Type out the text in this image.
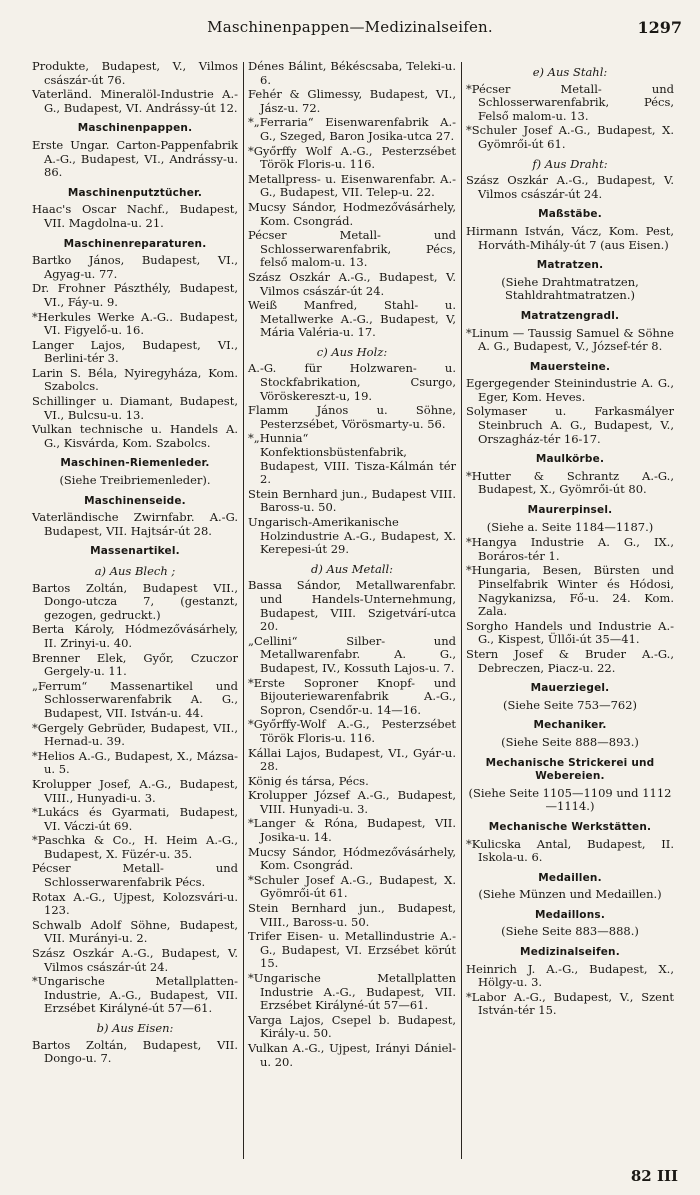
Maschinenpappen—Medizinalseifen.	1297
Produkte, Budapest, V., Vilmos császár-út 76.
Vaterländ. Mineralöl-Industrie A.-G., Budapest, VI. Andrássy-út 12.
Maschinenpappen.
Erste Ungar. Carton-Pappenfabrik A.-G., Budapest, VI., Andrássy-u. 86.
Maschinenputztücher.
Haac's Oscar Nachf., Budapest, VII. Magdolna-u. 21.
Maschinenreparaturen.
Bartko János, Budapest, VI., Agyag-u. 77.
Dr. Frohner Pászthély, Budapest, VI., Fáy-u. 9.
*Herkules Werke A.-G.. Budapest, VI. Figyelő-u. 16.
Langer Lajos, Budapest, VI., Berlini-tér 3.
Larin S. Béla, Nyiregyháza, Kom. Szabolcs.
Schillinger u. Diamant, Budapest, VI., Bulcsu-u. 13.
Vulkan technische u. Handels A. G., Kisvárda, Kom. Szabolcs.
Maschinen-Riemenleder.
(Siehe Treibriemenleder).
Maschinenseide.
Vaterländische Zwirnfabr. A.-G. Budapest, VII. Hajtsár-út 28.
Massenartikel.
a) Aus Blech ;
Bartos Zoltán, Budapest VII., Dongo-utcza 7, (gestanzt, gezogen, gedruckt.)
Berta Károly, Hódmezővásárhely, II. Zrinyi-u. 40.
Brenner Elek, Győr, Czuczor Gergely-u. 11.
„Ferrum“ Massenartikel und Schlosserwarenfabrik A. G., Budapest, VII. István-u. 44.
*Gergely Gebrüder, Budapest, VII., Hernad-u. 39.
*Helios A.-G., Budapest, X., Mázsa-u. 5.
Krolupper Josef, A.-G., Budapest, VIII., Hunyadi-u. 3.
*Lukács és Gyarmati, Budapest, VI. Váczi-út 69.
*Paschka & Co., H. Heim A.-G., Budapest, X. Füzér-u. 35.
Pécser Metall- und Schlosserwarenfabrik Pécs.
Rotax A.-G., Ujpest, Kolozsvári-u. 123.
Schwalb Adolf Söhne, Budapest, VII. Murányi-u. 2.
Szász Oszkár A.-G., Budapest, V. Vilmos császár-út 24.
*Ungarische Metallplatten-Industrie, A.-G., Budapest, VII. Erzsébet Királyné-út 57—61.
b) Aus Eisen:
Bartos Zoltán, Budapest, VII. Dongo-u. 7.
Dénes Bálint, Békéscsaba, Teleki-u. 6.
Fehér & Glimessy, Budapest, VI., Jász-u. 72.
*„Ferraria“ Eisenwarenfabrik A.-G., Szeged, Baron Josika-utca 27.
*Győrffy Wolf A.-G., Pesterzsébet Török Floris-u. 116.
Metallpress- u. Eisenwarenfabr. A.-G., Budapest, VII. Telep-u. 22.
Mucsy Sándor, Hodmezővásárhely, Kom. Csongrád.
Pécser Metall- und Schlosserwarenfabrik, Pécs, felső malom-u. 13.
Szász Oszkár A.-G., Budapest, V. Vilmos császár-út 24.
Weiß Manfred, Stahl- u. Metallwerke A.-G., Budapest, V, Mária Valéria-u. 17.
c) Aus Holz:
A.-G. für Holzwaren- u. Stockfabrikation, Csurgo, Vöröskereszt-u, 19.
Flamm János u. Söhne, Pesterzsébet, Vörösmarty-u. 56.
*„Hunnia“ Konfektionsbüstenfabrik, Budapest, VIII. Tisza-Kálmán tér 2.
Stein Bernhard jun., Budapest VIII. Baross-u. 50.
Ungarisch-Amerikanische Holzindustrie A.-G., Budapest, X. Kerepesi-út 29.
d) Aus Metall:
Bassa Sándor, Metallwarenfabr. und Handels-Unternehmung, Budapest, VIII. Szigetvárí-utca 20.
„Cellini“ Silber- und Metallwarenfabr. A. G., Budapest, IV., Kossuth Lajos-u. 7.
*Erste Soproner Knopf- und Bijouteriewarenfabrik A.-G., Sopron, Csendőr-u. 14—16.
*Győrffy-Wolf A.-G., Pesterzsébet Török Floris-u. 116.
Kállai Lajos, Budapest, VI., Gyár-u. 28.
König és társa, Pécs.
Krolupper József A.-G., Budapest, VIII. Hunyadi-u. 3.
*Langer & Róna, Budapest, VII. Josika-u. 14.
Mucsy Sándor, Hódmezővásárhely, Kom. Csongrád.
*Schuler Josef A.-G., Budapest, X. Gyömrői-út 61.
Stein Bernhard jun., Budapest, VIII., Baross-u. 50.
Trifer Eisen- u. Metallindustrie A.-G., Budapest, VI. Erzsébet körút 15.
*Ungarische Metallplatten Industrie A.-G., Budapest, VII. Erzsébet Királyné-út 57—61.
Varga Lajos, Csepel b. Budapest, Király-u. 50.
Vulkan A.-G., Ujpest, Irányi Dániel-u. 20.
e) Aus Stahl:
*Pécser Metall- und Schlosserwarenfabrik, Pécs, Felső malom-u. 13.
*Schuler Josef A.-G., Budapest, X. Gyömrői-út 61.
f) Aus Draht:
Szász Oszkár A.-G., Budapest, V. Vilmos császár-út 24.
Maßstäbe.
Hirmann István, Vácz, Kom. Pest, Horváth-Mihály-út 7 (aus Eisen.)
Matratzen.
(Siehe Drahtmatratzen, Stahldrahtmatratzen.)
Matratzengradl.
*Linum — Taussig Samuel & Söhne A. G., Budapest, V., József-tér 8.
Mauersteine.
Egergegender Steinindustrie A. G., Eger, Kom. Heves.
Solymaser u. Farkasmályer Steinbruch A. G., Budapest, V., Orszagház-tér 16-17.
Maulkörbe.
*Hutter & Schrantz A.-G., Budapest, X., Gyömrői-út 80.
Maurerpinsel.
(Siehe a. Seite 1184—1187.)
*Hangya Industrie A. G., IX., Boráros-tér 1.
*Hungaria, Besen, Bürsten und Pinselfabrik Winter és Hódosi, Nagykanizsa, Fő-u. 24. Kom. Zala.
Sorgho Handels und Industrie A.-G., Kispest, Üllői-út 35—41.
Stern Josef & Bruder A.-G., Debreczen, Piacz-u. 22.
Mauerziegel.
(Siehe Seite 753—762)
Mechaniker.
(Siehe Seite 888—893.)
Mechanische Strickerei und Webereien.
(Siehe Seite 1105—1109 und 1112—1114.)
Mechanische Werkstätten.
*Kulicska Antal, Budapest, II. Iskola-u. 6.
Medaillen.
(Siehe Münzen und Medaillen.)
Medaillons.
(Siehe Seite 883—888.)
Medizinalseifen.
Heinrich J. A.-G., Budapest, X., Hölgy-u. 3.
*Labor A.-G., Budapest, V., Szent István-tér 15.
82 III
